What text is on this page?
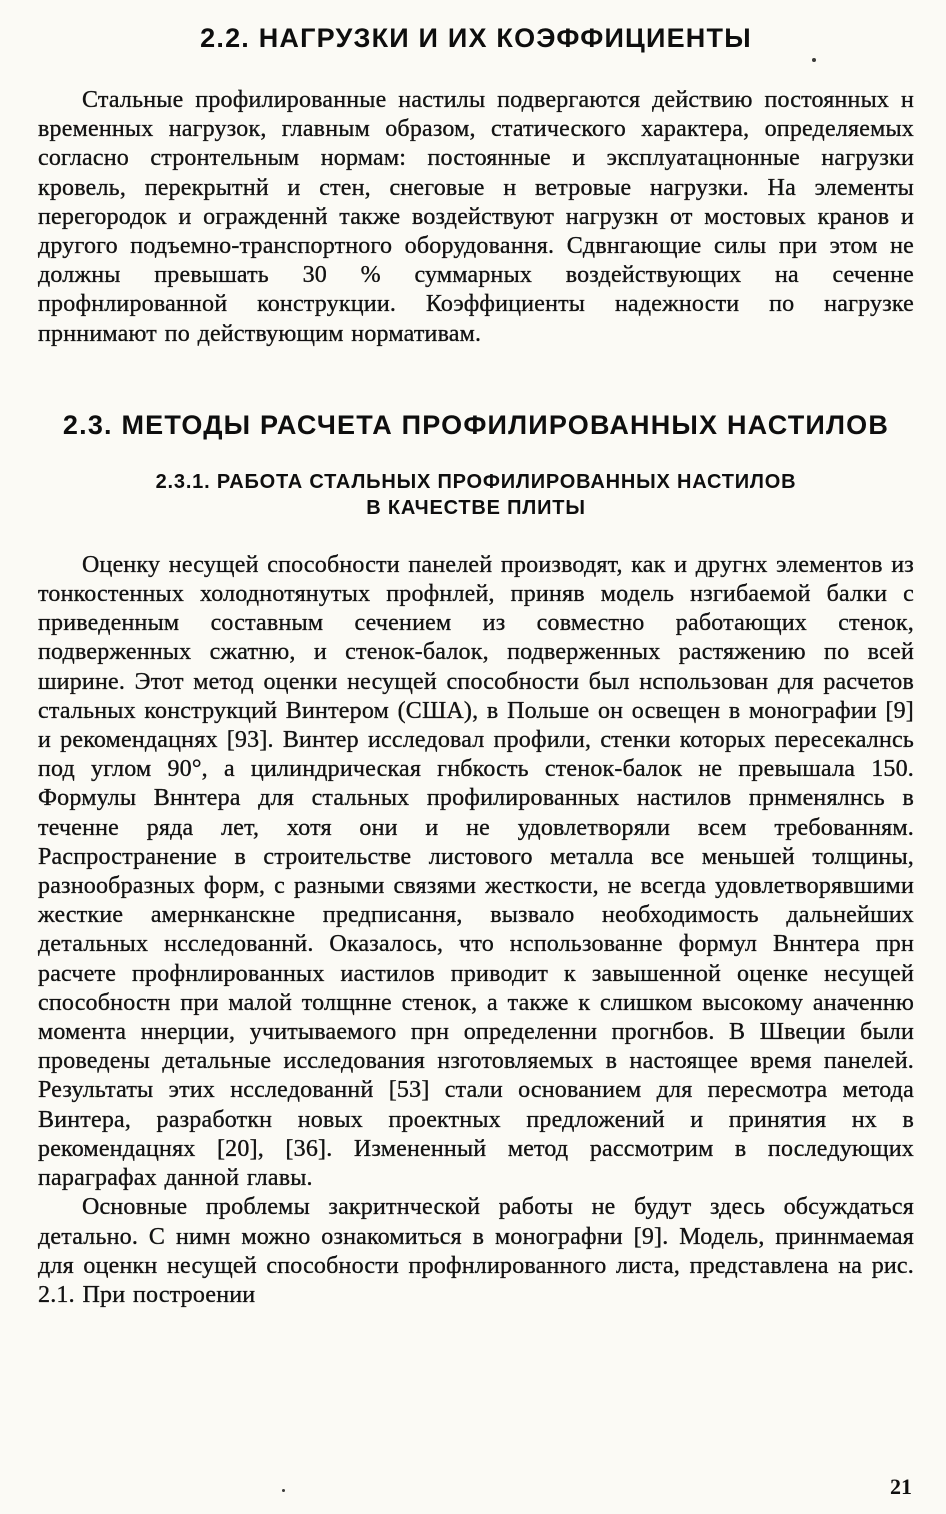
2.2. НАГРУЗКИ И ИХ КОЭФФИЦИЕНТЫ

Стальные профилированные настилы подвергаются действию постоянных н временных нагрузок, главным образом, статического характера, определяемых согласно стронтельным нормам: постоянные и эксплуатацнонные нагрузки кровель, перекрытнй и стен, снеговые н ветровые нагрузки. На элементы перегородок и огражденнй также воздействуют нагрузкн от мостовых кранов и другого подъемно-транспортного оборудовання. Сдвнгающие силы при этом не должны превышать 30 % суммарных воздействующих на сеченне профнлированной конструкции. Коэффициенты надежности по нагрузке прннимают по действующим нормативам.

2.3. МЕТОДЫ РАСЧЕТА ПРОФИЛИРОВАННЫХ НАСТИЛОВ
2.3.1. РАБОТА СТАЛЬНЫХ ПРОФИЛИРОВАННЫХ НАСТИЛОВ
В КАЧЕСТВЕ ПЛИТЫ

Оценку несущей способности панелей производят, как и другнх элементов из тонкостенных холоднотянутых профнлей, приняв модель нзгибаемой балки с приведенным составным сечением из совместно работающих стенок, подверженных сжатню, и стенок-балок, подверженных растяжению по всей ширине. Этот метод оценки несущей способности был нспользован для расчетов стальных конструкций Винтером (США), в Польше он освещен в монографии [9] и рекомендацнях [93]. Винтер исследовал профили, стенки которых пересекалнсь под углом 90°, а цилиндрическая гнбкость стенок-балок не превышала 150. Формулы Вннтера для стальных профилированных настилов прнменялнсь в теченне ряда лет, хотя они и не удовлетворяли всем требованням. Распространение в строительстве листового металла все меньшей толщины, разнообразных форм, с разными связями жесткости, не всегда удовлетворявшими жесткие амернканскне предписання, вызвало необходимость дальнейших детальных нсследованнй. Оказалось, что нспользованне формул Вннтера прн расчете профнлированных иастилов приводит к завышенной оценке несущей способностн при малой толщнне стенок, а также к слишком высокому аначенню момента ннерции, учитываемого прн определенни прогнбов. В Швеции были проведены детальные исследования нзготовляемых в настоящее время панелей. Результаты этих нсследованнй [53] стали основанием для пересмотра метода Винтера, разработкн новых проектных предложений и принятия нх в рекомендацнях [20], [36]. Измененный метод рассмотрим в последующих параграфах данной главы.

Основные проблемы закритнческой работы не будут здесь обсуждаться детально. С нимн можно ознакомиться в монографни [9]. Модель, приннмаемая для оценкн несущей способности профнлированного листа, представлена на рис. 2.1. При построении

21
